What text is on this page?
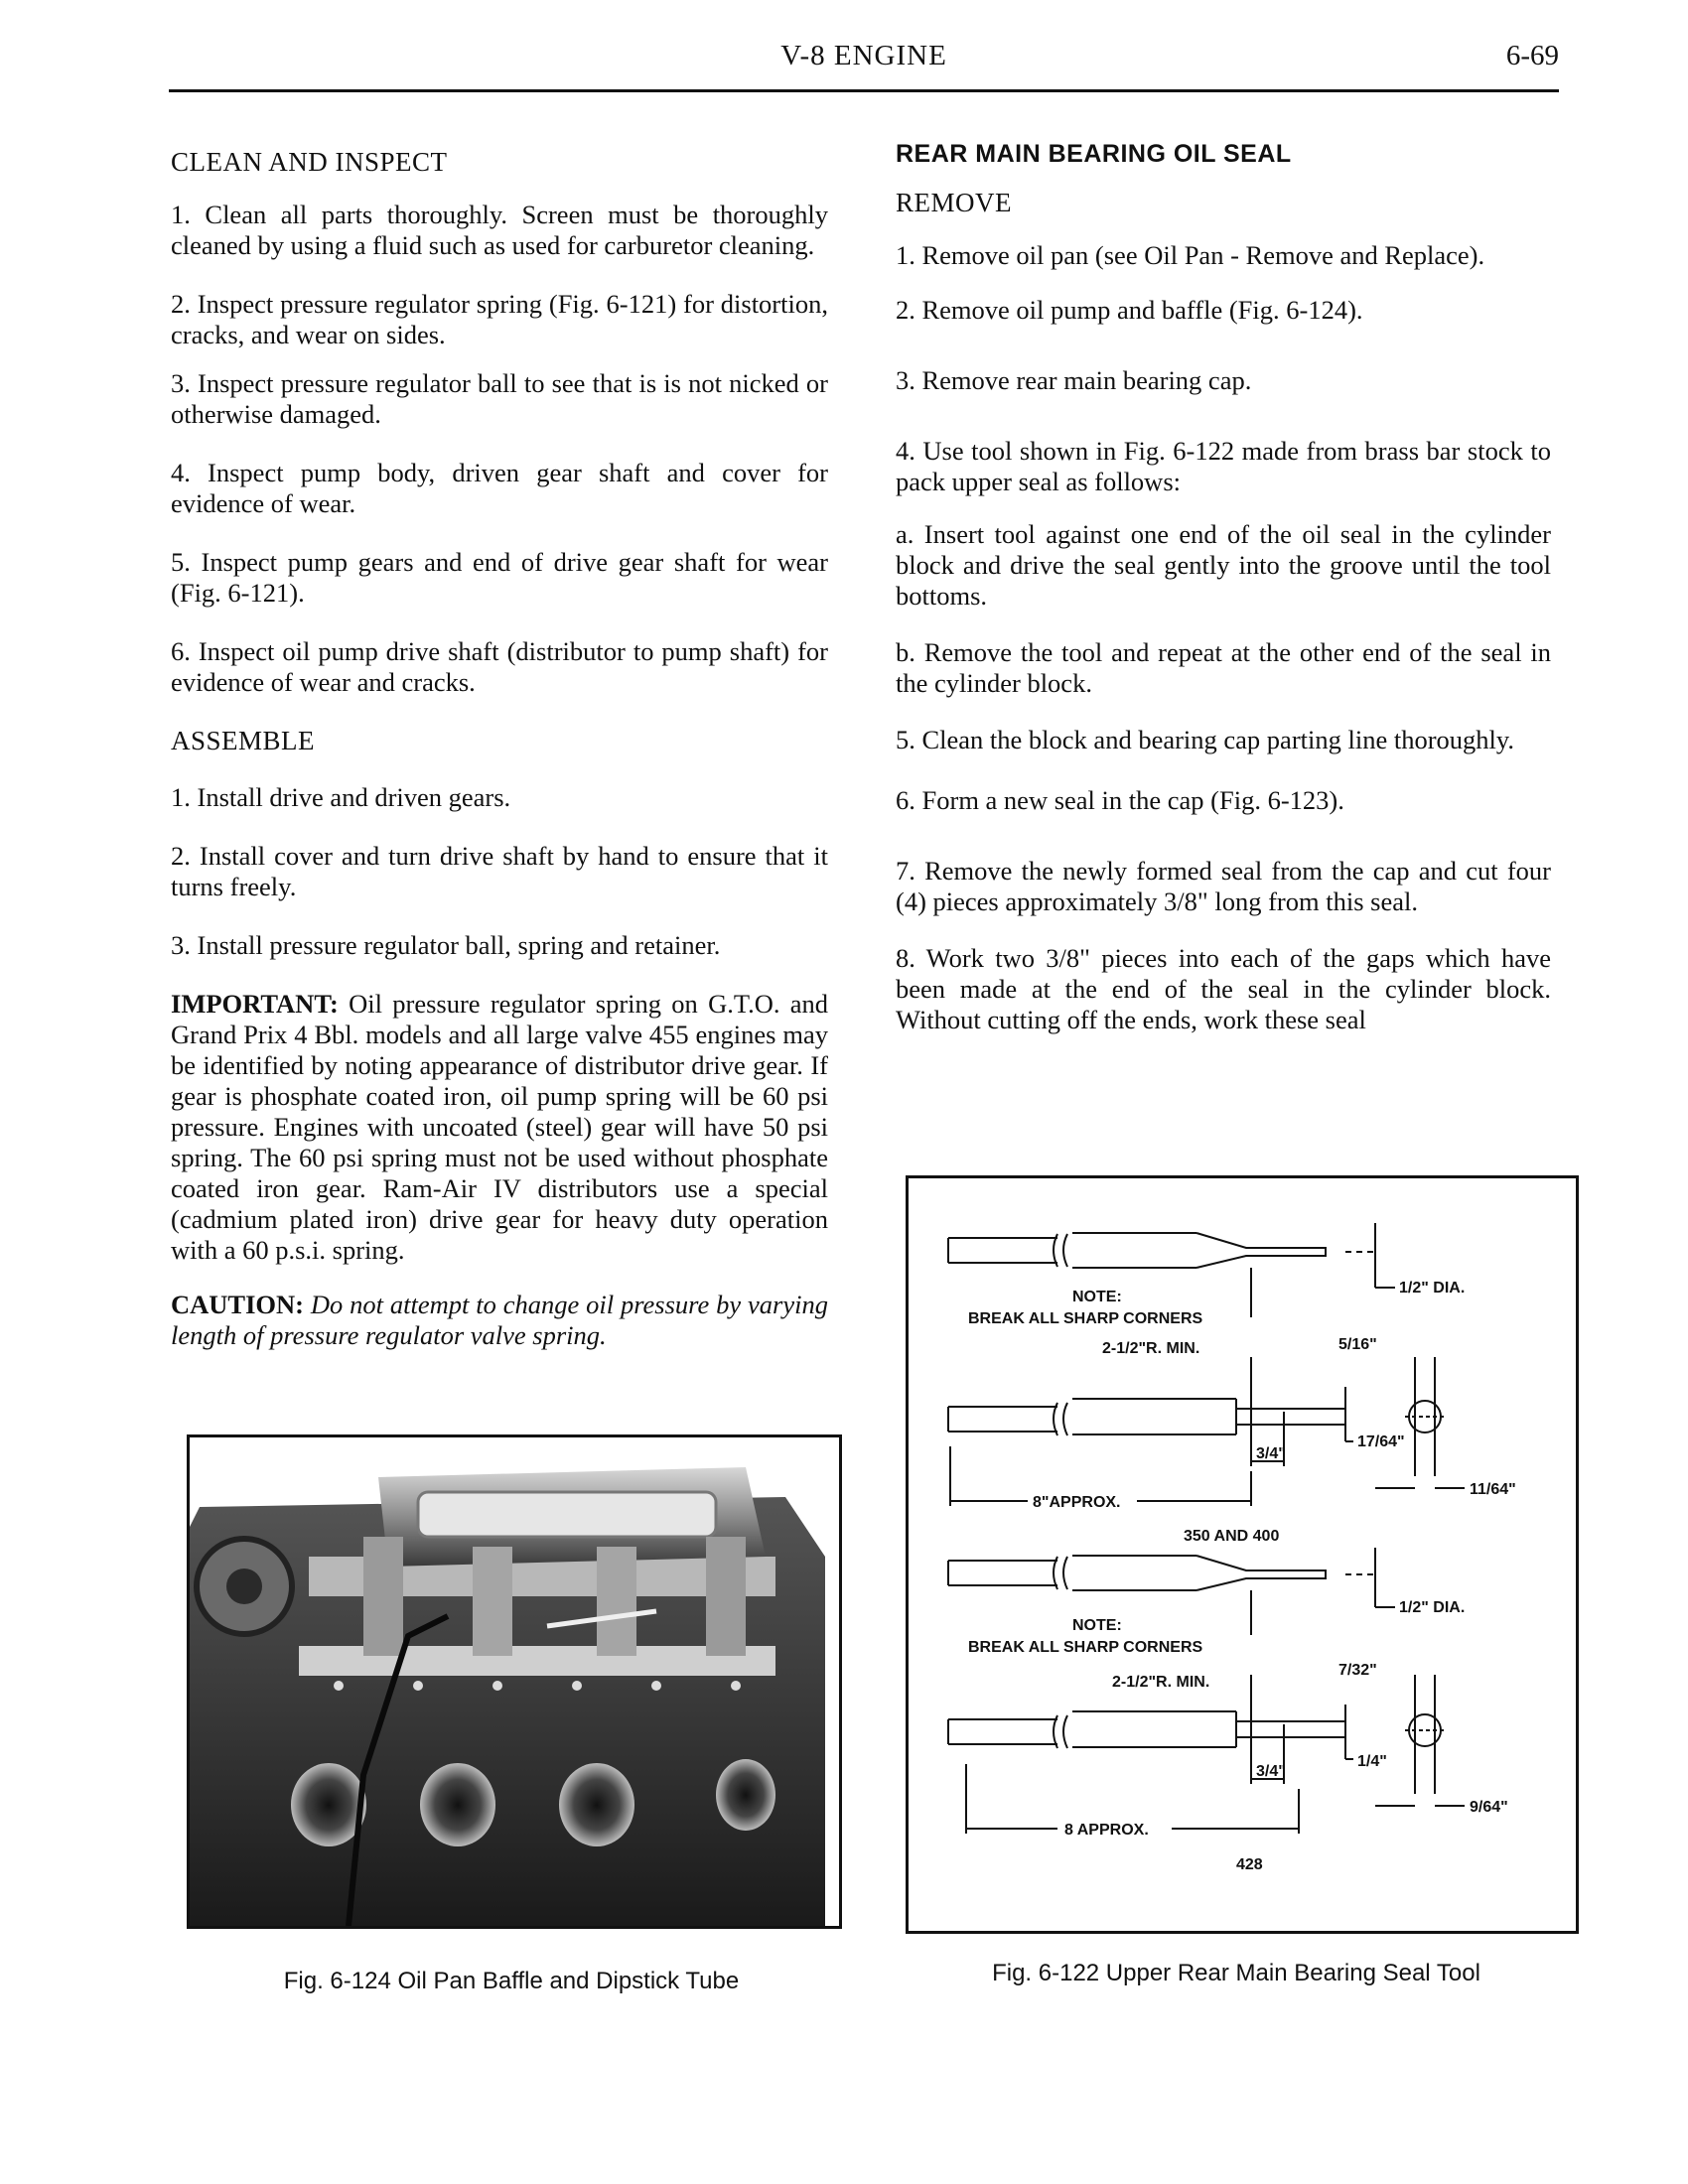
V-8 ENGINE	6-69

CLEAN AND INSPECT

1. Clean all parts thoroughly. Screen must be thoroughly cleaned by using a fluid such as used for carburetor cleaning.

2. Inspect pressure regulator spring (Fig. 6-121) for distortion, cracks, and wear on sides.

3. Inspect pressure regulator ball to see that is is not nicked or otherwise damaged.

4. Inspect pump body, driven gear shaft and cover for evidence of wear.

5. Inspect pump gears and end of drive gear shaft for wear (Fig. 6-121).

6. Inspect oil pump drive shaft (distributor to pump shaft) for evidence of wear and cracks.

ASSEMBLE

1. Install drive and driven gears.

2. Install cover and turn drive shaft by hand to ensure that it turns freely.

3. Install pressure regulator ball, spring and retainer.

IMPORTANT: Oil pressure regulator spring on G.T.O. and Grand Prix 4 Bbl. models and all large valve 455 engines may be identified by noting appearance of distributor drive gear. If gear is phosphate coated iron, oil pump spring will be 60 psi pressure. Engines with uncoated (steel) gear will have 50 psi spring. The 60 psi spring must not be used without phosphate coated iron gear. Ram-Air IV distributors use a special (cadmium plated iron) drive gear for heavy duty operation with a 60 p.s.i. spring.

CAUTION: Do not attempt to change oil pressure by varying length of pressure regulator valve spring.

Fig. 6-124 Oil Pan Baffle and Dipstick Tube

REAR MAIN BEARING OIL SEAL

REMOVE

1. Remove oil pan (see Oil Pan - Remove and Replace).

2. Remove oil pump and baffle (Fig. 6-124).

3. Remove rear main bearing cap.

4. Use tool shown in Fig. 6-122 made from brass bar stock to pack upper seal as follows:

a. Insert tool against one end of the oil seal in the cylinder block and drive the seal gently into the groove until the tool bottoms.

b. Remove the tool and repeat at the other end of the seal in the cylinder block.

5. Clean the block and bearing cap parting line thoroughly.

6. Form a new seal in the cap (Fig. 6-123).

7. Remove the newly formed seal from the cap and cut four (4) pieces approximately 3/8" long from this seal.

8. Work two 3/8" pieces into each of the gaps which have been made at the end of the seal in the cylinder block. Without cutting off the ends, work these seal

NOTE:
BREAK ALL SHARP CORNERS
2-1/2"R. MIN.
1/2" DIA.
5/16"
17/64"
11/64"
3/4"
8"APPROX.
350 AND 400
NOTE:
BREAK ALL SHARP CORNERS
2-1/2"R. MIN.
1/2" DIA.
7/32"
1/4"
9/64"
3/4"
8 APPROX.
428
Fig. 6-122 Upper Rear Main Bearing Seal Tool
